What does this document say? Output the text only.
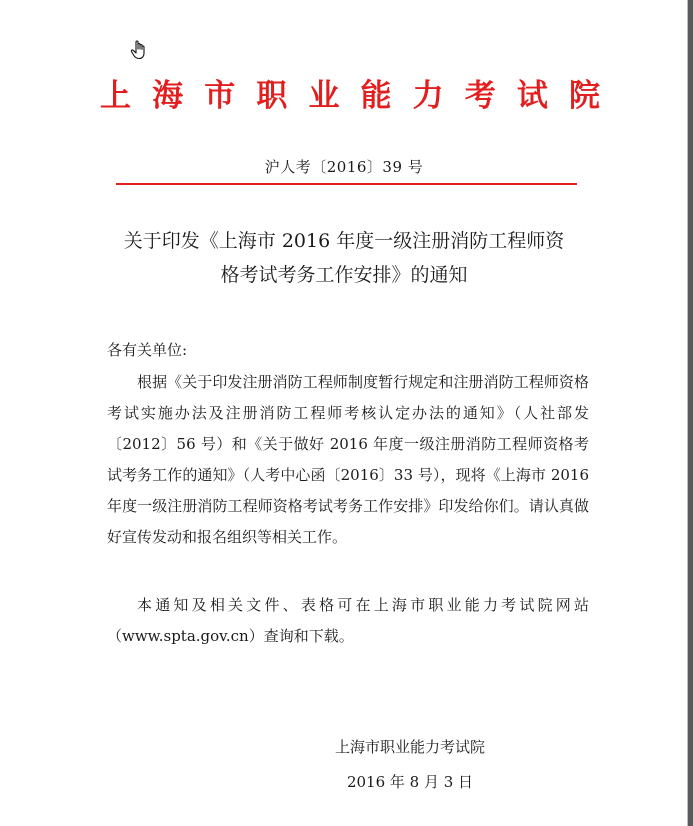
上 海 市 职 业 能 力 考 试 院
沪人考〔2016〕39 号
关于印发《上海市 2016 年度一级注册消防工程师资
格考试考务工作安排》的通知
各有关单位:
根据《关于印发注册消防工程师制度暂行规定和注册消防工程师资格考试实施办法及注册消防工程师考核认定办法的通知》（人社部发〔2012〕56 号）和《关于做好 2016 年度一级注册消防工程师资格考试考务工作的通知》（人考中心函〔2016〕33 号），现将《上海市 2016 年度一级注册消防工程师资格考试考务工作安排》印发给你们。请认真做好宣传发动和报名组织等相关工作。
本通知及相关文件、表格可在上海市职业能力考试院网站（www.spta.gov.cn）查询和下载。
上海市职业能力考试院
2016 年 8 月 3 日
